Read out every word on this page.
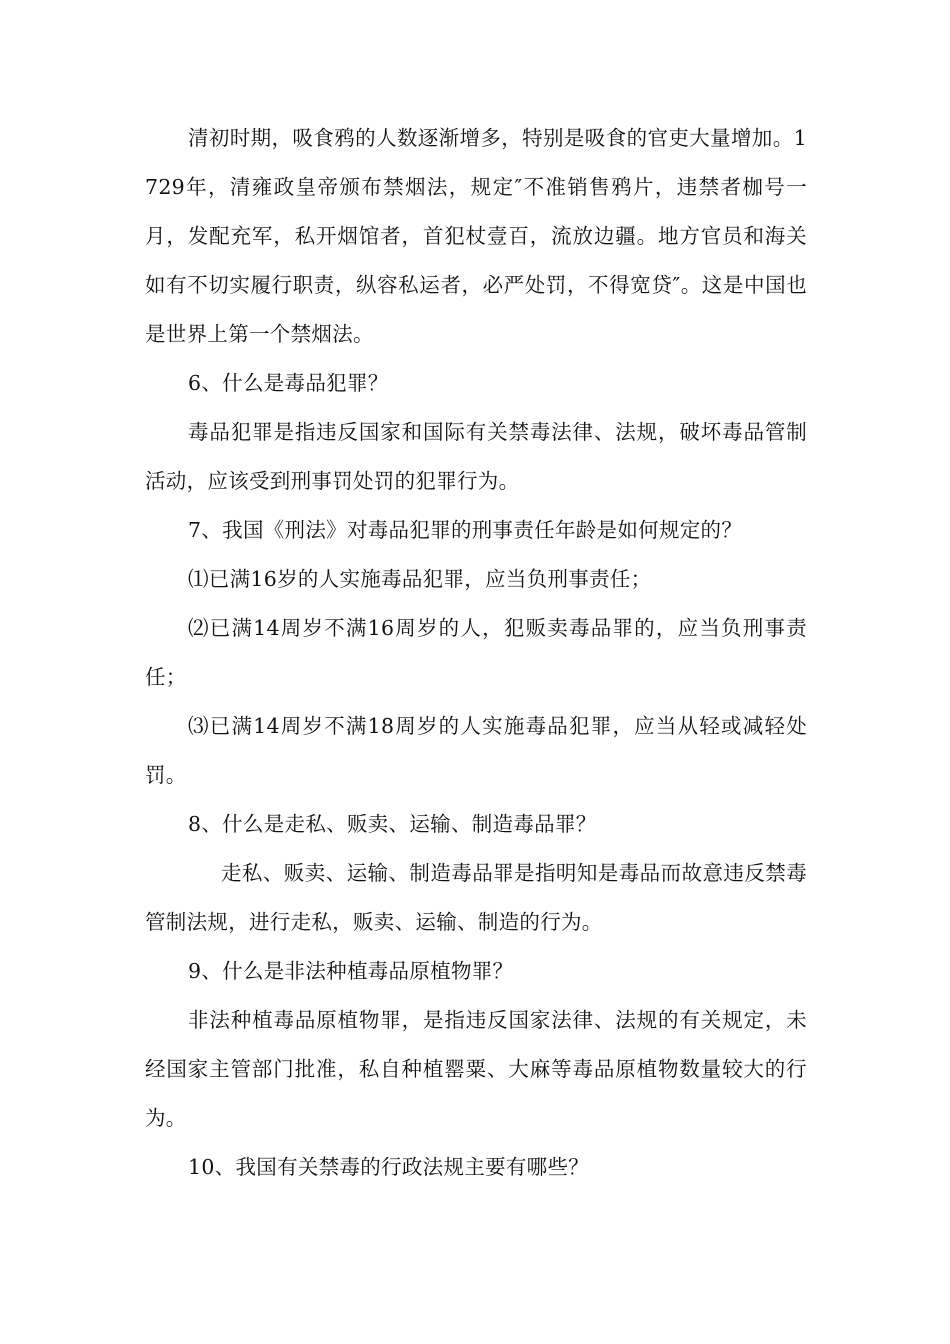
清初时期，吸食鸦的人数逐渐增多，特别是吸食的官吏大量增加。1729年，清雍政皇帝颁布禁烟法，规定″不准销售鸦片，违禁者枷号一月，发配充军，私开烟馆者，首犯杖壹百，流放边疆。地方官员和海关如有不切实履行职责，纵容私运者，必严处罚，不得宽贷″。这是中国也是世界上第一个禁烟法。

6、什么是毒品犯罪？

毒品犯罪是指违反国家和国际有关禁毒法律、法规，破坏毒品管制活动，应该受到刑事罚处罚的犯罪行为。

7、我国《刑法》对毒品犯罪的刑事责任年龄是如何规定的？

⑴已满16岁的人实施毒品犯罪，应当负刑事责任；

⑵已满14周岁不满16周岁的人，犯贩卖毒品罪的，应当负刑事责任；

⑶已满14周岁不满18周岁的人实施毒品犯罪，应当从轻或减轻处罚。

8、什么是走私、贩卖、运输、制造毒品罪？

走私、贩卖、运输、制造毒品罪是指明知是毒品而故意违反禁毒管制法规，进行走私，贩卖、运输、制造的行为。

9、什么是非法种植毒品原植物罪？

非法种植毒品原植物罪，是指违反国家法律、法规的有关规定，未经国家主管部门批准，私自种植罂粟、大麻等毒品原植物数量较大的行为。

10、我国有关禁毒的行政法规主要有哪些？
